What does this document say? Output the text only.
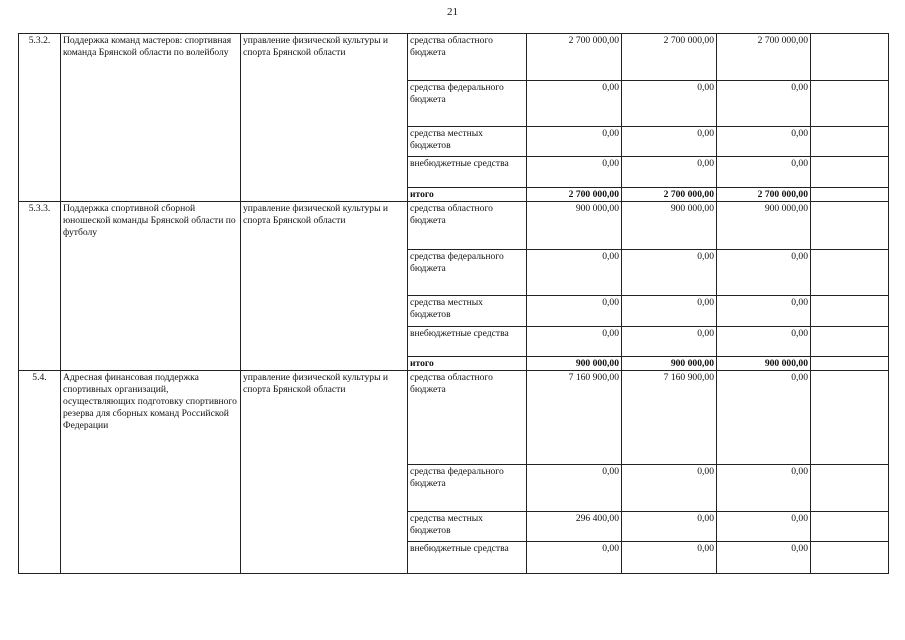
21
5.3.2.	Поддержка команд мастеров: спортивная команда Брянской области по волейболу	управление физической культуры и спорта Брянской области	средства областного бюджета	2 700 000,00	2 700 000,00	2 700 000,00	
			средства федерального бюджета	0,00	0,00	0,00	
			средства местных бюджетов	0,00	0,00	0,00	
			внебюджетные средства	0,00	0,00	0,00	
			итого	2 700 000,00	2 700 000,00	2 700 000,00	
5.3.3.	Поддержка спортивной сборной юношеской команды Брянской области по футболу	управление физической культуры и спорта Брянской области	средства областного бюджета	900 000,00	900 000,00	900 000,00	
			средства федерального бюджета	0,00	0,00	0,00	
			средства местных бюджетов	0,00	0,00	0,00	
			внебюджетные средства	0,00	0,00	0,00	
			итого	900 000,00	900 000,00	900 000,00	
5.4.	Адресная финансовая поддержка спортивных организаций, осуществляющих подготовку спортивного резерва для сборных команд Российской Федерации	управление физической культуры и спорта Брянской области	средства областного бюджета	7 160 900,00	7 160 900,00	0,00	
			средства федерального бюджета	0,00	0,00	0,00	
			средства местных бюджетов	296 400,00	0,00	0,00	
			внебюджетные средства	0,00	0,00	0,00	
